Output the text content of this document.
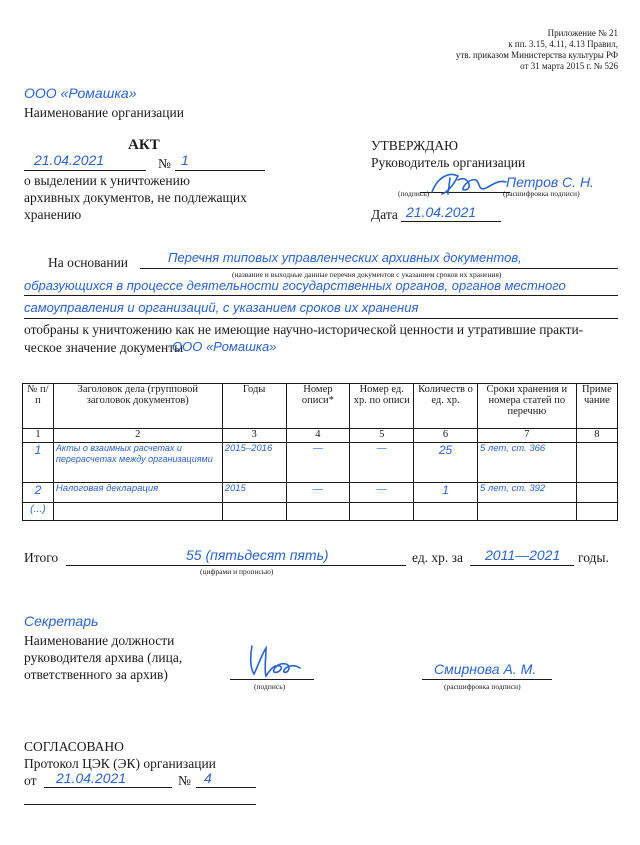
Приложение № 21
к пп. 3.15, 4.11, 4.13 Правил,
утв. приказом Министерства культуры РФ
от 31 марта 2015 г. № 526
ООО «Ромашка»
Наименование организации
АКТ
21.04.2021	№ 1
о выделении к уничтожению
архивных документов, не подлежащих
хранению
УТВЕРЖДАЮ
Руководитель организации
(подпись)
Петров С. Н.
(расшифровка подписи)
Дата 21.04.2021
На основании	Перечня типовых управленческих архивных документов,
(название и выходные данные перечня документов с указанием сроков их хранения)
образующихся в процессе деятельности государственных органов, органов местного
самоуправления и организаций, с указанием сроков их хранения
отобраны к уничтожению как не имеющие научно-исторической ценности и утратившие практи-
ческое значение документы
ООО «Ромашка»
№ п/п	Заголовок дела (групповой заголовок документов)	Годы	Номер описи*	Номер ед. хр. по описи	Количеств о ед. хр.	Сроки хранения и номера статей по перечню	Приме чание
1	2	3	4	5	6	7	8
1	Акты о взаимных расчетах и перерасчетах между организациями	2015–2016	—	—	25	5 лет, ст. 366	
2	Налоговая декларация	2015	—	—	1	5 лет, ст. 392	
(...)							
Итого	55 (пятьдесят пять)
(цифрами и прописью)
ед. хр. за 2011—2021 годы.
Секретарь
Наименование должности
руководителя архива (лица,
ответственного за архив)
(подпись)
Смирнова А. М.
(расшифровка подписи)
СОГЛАСОВАНО
Протокол ЦЭК (ЭК) организации
от 21.04.2021	№ 4
